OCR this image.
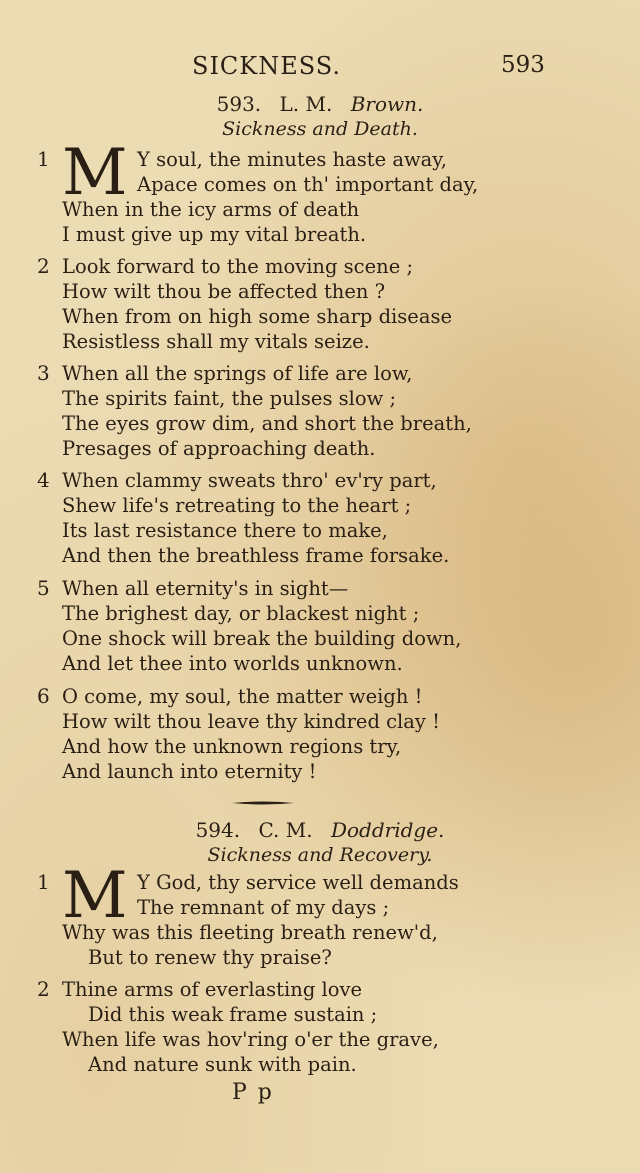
SICKNESS.	593
593. L. M. Brown.
Sickness and Death.
1 M Y soul, the minutes haste away,
Apace comes on th' important day,
When in the icy arms of death
I must give up my vital breath.
2 Look forward to the moving scene ;
How wilt thou be affected then ?
When from on high some sharp disease
Resistless shall my vitals seize.
3 When all the springs of life are low,
The spirits faint, the pulses slow ;
The eyes grow dim, and short the breath,
Presages of approaching death.
4 When clammy sweats thro' ev'ry part,
Shew life's retreating to the heart ;
Its last resistance there to make,
And then the breathless frame forsake.
5 When all eternity's in sight—
The brighest day, or blackest night ;
One shock will break the building down,
And let thee into worlds unknown.
6 O come, my soul, the matter weigh !
How wilt thou leave thy kindred clay !
And how the unknown regions try,
And launch into eternity !
594. C. M. Doddridge.
Sickness and Recovery.
1 M Y God, thy service well demands
The remnant of my days ;
Why was this fleeting breath renew'd,
But to renew thy praise?
2 Thine arms of everlasting love
Did this weak frame sustain ;
When life was hov'ring o'er the grave,
And nature sunk with pain.
P p
